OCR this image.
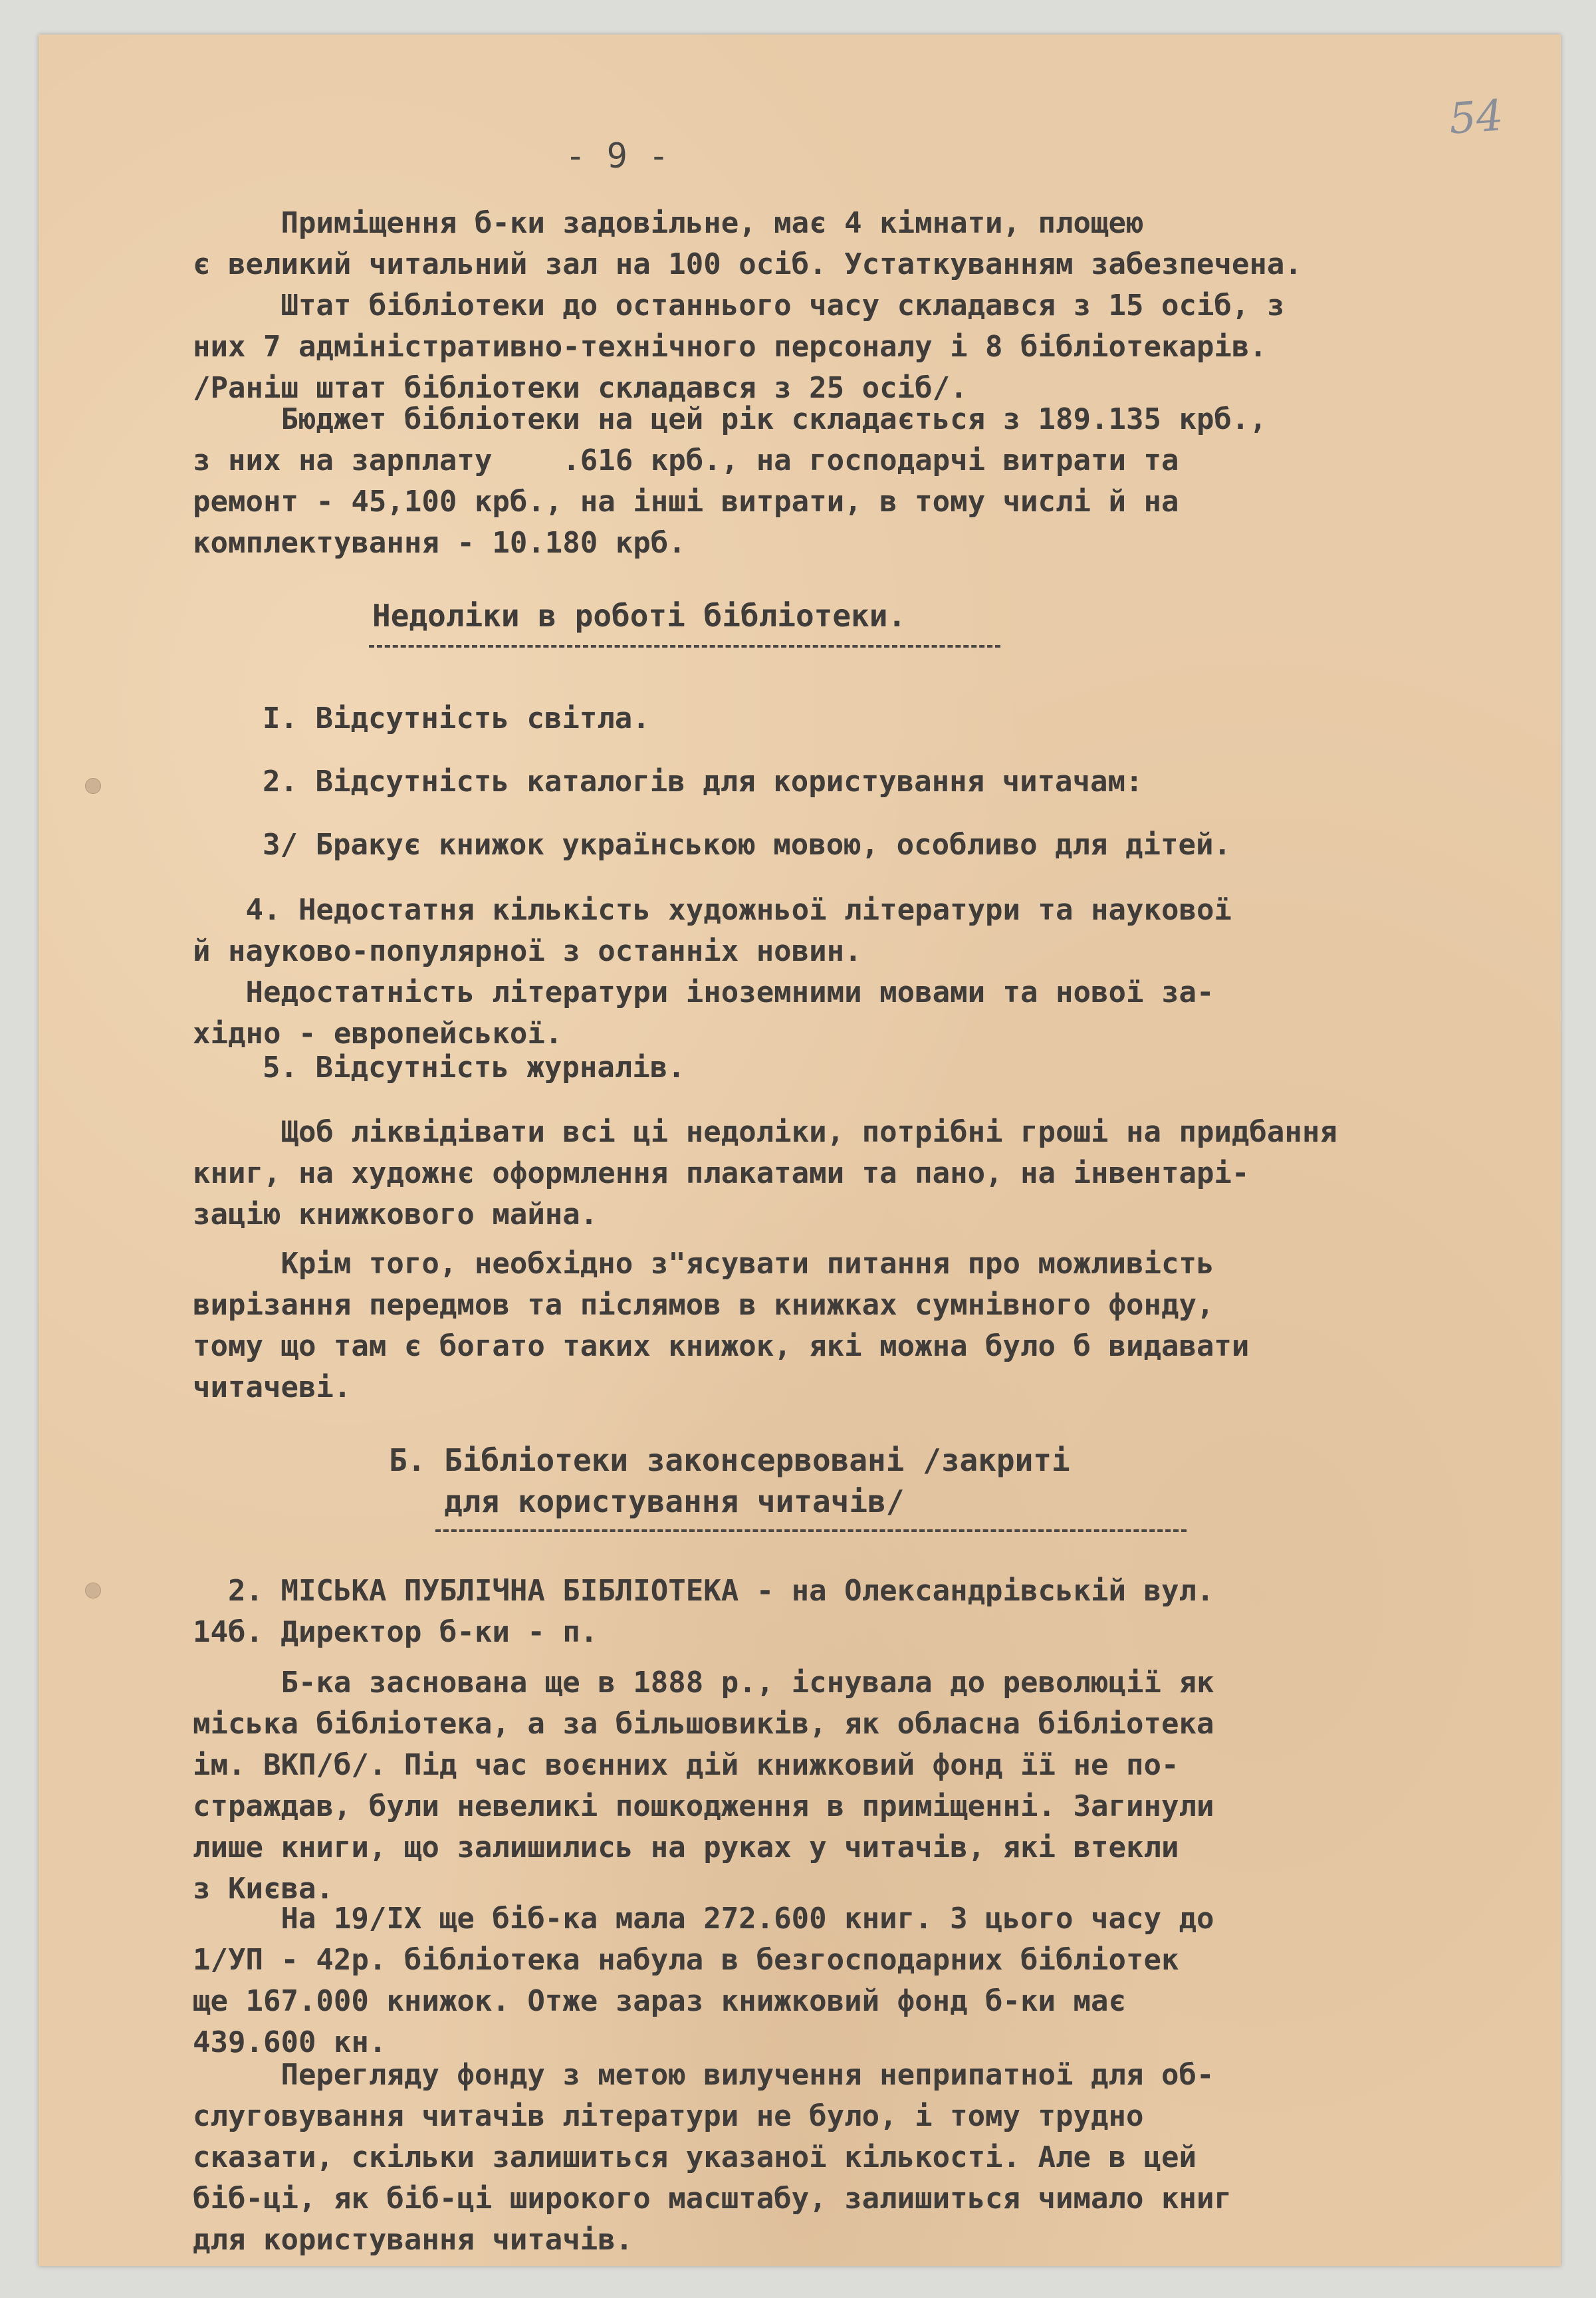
54
- 9 -
Приміщення б-ки задовільне, має 4 кімнати, площею
є великий читальний зал на 100 осіб. Устаткуванням забезпечена.
Штат бібліотеки до останнього часу складався з 15 осіб, з
них 7 адміністративно-технічного персоналу і 8 бібліотекарів.
/Раніш штат бібліотеки складався з 25 осіб/.
Бюджет бібліотеки на цей рік складається з 189.135 крб.,
з них на зарплату    .616 крб., на господарчі витрати та
ремонт - 45,100 крб., на інші витрати, в тому числі й на
комплектування - 10.180 крб.
Недоліки в роботі бібліотеки.
І. Відсутність світла.
2. Відсутність каталогів для користування читачам:
3/ Бракує книжок українською мовою, особливо для дітей.
4. Недостатня кількість художньої літератури та наукової
й науково-популярної з останніх новин.
Недостатність літератури іноземними мовами та нової за-
хідно - европейської.
5. Відсутність журналів.
Щоб ліквідівати всі ці недоліки, потрібні гроші на придбання
книг, на художнє оформлення плакатами та пано, на інвентарі-
зацію книжкового майна.
Крім того, необхідно з"ясувати питання про можливість
вирізання передмов та післямов в книжках сумнівного фонду,
тому що там є богато таких книжок, які можна було б видавати
читачеві.
Б. Бібліотеки законсервовані /закриті
для користування читачів/
2. МІСЬКА ПУБЛІЧНА БІБЛІОТЕКА - на Олександрівській вул.
14б. Директор б-ки - п.
Б-ка заснована ще в 1888 р., існувала до революції як
міська бібліотека, а за більшовиків, як обласна бібліотека
ім. ВКП/б/. Під час воєнних дій книжковий фонд її не по-
страждав, були невеликі пошкодження в приміщенні. Загинули
лише книги, що залишились на руках у читачів, які втекли
з Києва.
На 19/IX ще біб-ка мала 272.600 книг. З цього часу до
1/УП - 42р. бібліотека набула в безгосподарних бібліотек
ще 167.000 книжок. Отже зараз книжковий фонд б-ки має
439.600 кн.
Перегляду фонду з метою вилучення неприпатної для об-
слуговування читачів літератури не було, і тому трудно
сказати, скільки залишиться указаної кількості. Але в цей
біб-ці, як біб-ці широкого масштабу, залишиться чимало книг
для користування читачів.
